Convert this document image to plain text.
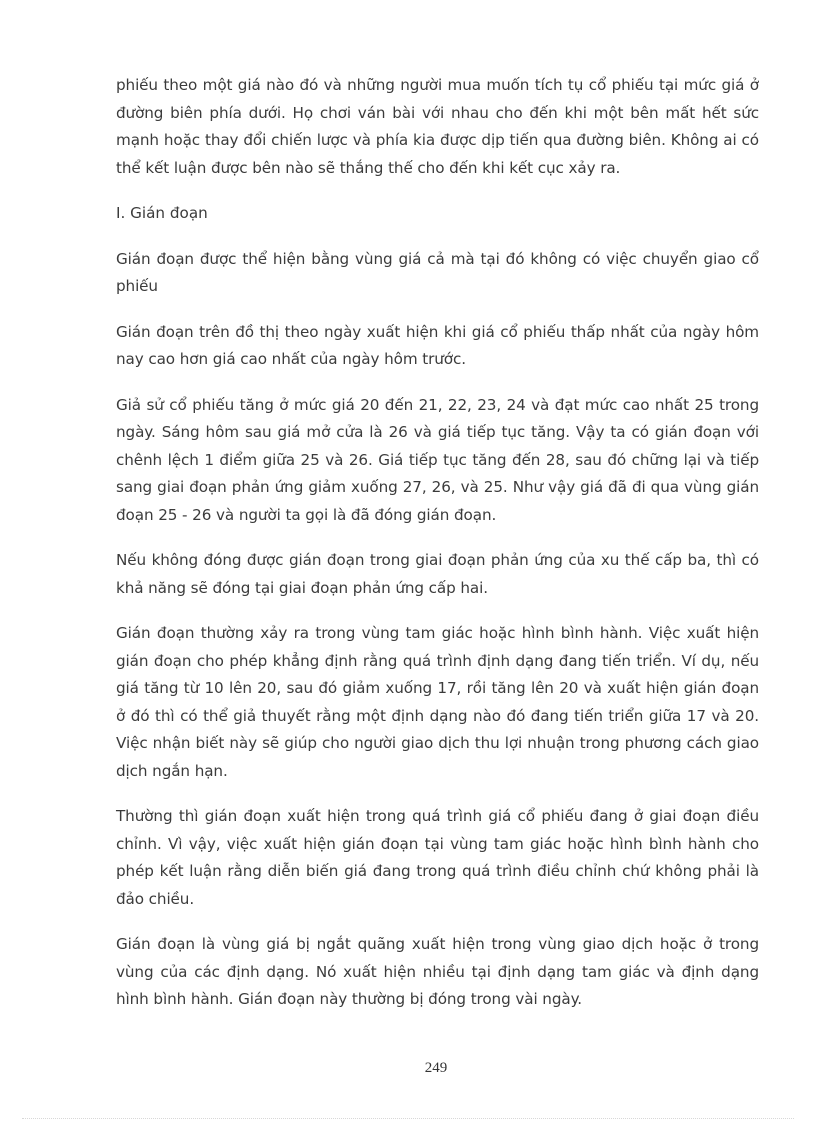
phiếu theo một giá nào đó và những người mua muốn tích tụ cổ phiếu tại mức giá ở đường biên phía dưới. Họ chơi ván bài với nhau cho đến khi một bên mất hết sức mạnh hoặc thay đổi chiến lược và phía kia được dịp tiến qua đường biên. Không ai có thể kết luận được bên nào sẽ thắng thế cho đến khi kết cục xảy ra.

I. Gián đoạn

Gián đoạn được thể hiện bằng vùng giá cả mà tại đó không có việc chuyển giao cổ phiếu

Gián đoạn trên đồ thị theo ngày xuất hiện khi giá cổ phiếu thấp nhất của ngày hôm nay cao hơn giá cao nhất của ngày hôm trước.

Giả sử cổ phiếu tăng ở mức giá 20 đến 21, 22, 23, 24 và đạt mức cao nhất 25 trong ngày. Sáng hôm sau giá mở cửa là 26 và giá tiếp tục tăng. Vậy ta có gián đoạn với chênh lệch 1 điểm giữa 25 và 26. Giá tiếp tục tăng đến 28, sau đó chững lại và tiếp sang giai đoạn phản ứng giảm xuống 27, 26, và 25. Như vậy giá đã đi qua vùng gián đoạn 25 - 26 và người ta gọi là đã đóng gián đoạn.

Nếu không đóng được gián đoạn trong giai đoạn phản ứng của xu thế cấp ba, thì có khả năng sẽ đóng tại giai đoạn phản ứng cấp hai.

Gián đoạn thường xảy ra trong vùng tam giác hoặc hình bình hành. Việc xuất hiện gián đoạn cho phép khẳng định rằng quá trình định dạng đang tiến triển. Ví dụ, nếu giá tăng từ 10 lên 20, sau đó giảm xuống 17, rồi tăng lên 20 và xuất hiện gián đoạn ở đó thì có thể giả thuyết rằng một định dạng nào đó đang tiến triển giữa 17 và 20. Việc nhận biết này sẽ giúp cho người giao dịch thu lợi nhuận trong phương cách giao dịch ngắn hạn.

Thường thì gián đoạn xuất hiện trong quá trình giá cổ phiếu đang ở giai đoạn điều chỉnh. Vì vậy, việc xuất hiện gián đoạn tại vùng tam giác hoặc hình bình hành cho phép kết luận rằng diễn biến giá đang trong quá trình điều chỉnh chứ không phải là đảo chiều.

Gián đoạn là vùng giá bị ngắt quãng xuất hiện trong vùng giao dịch hoặc ở trong vùng của các định dạng. Nó xuất hiện nhiều tại định dạng tam giác và định dạng hình bình hành. Gián đoạn này thường bị đóng trong vài ngày.

249
